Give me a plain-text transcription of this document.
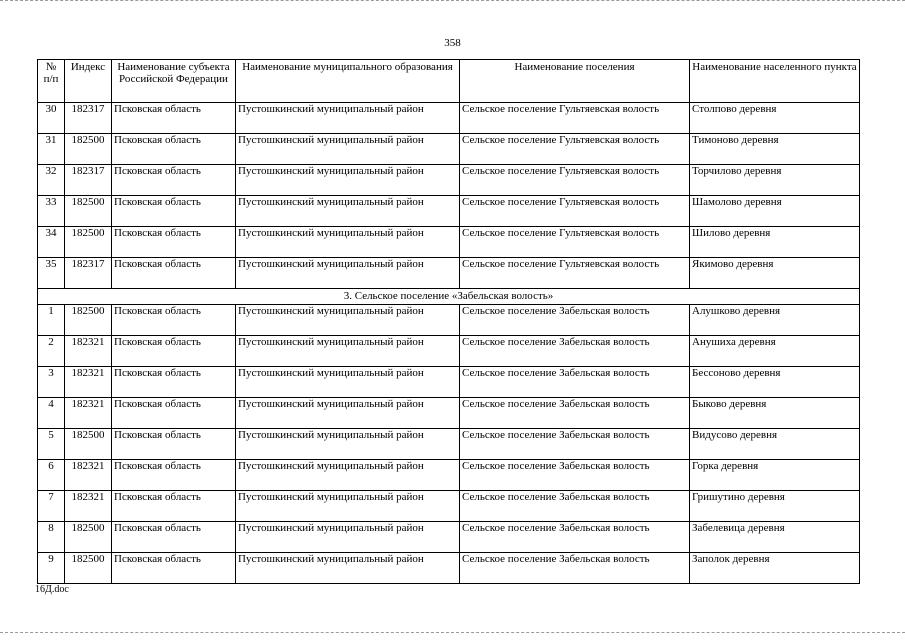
358
№ п/п	Индекс	Наименование субъекта Российской Федерации	Наименование муниципального образования	Наименование поселения	Наименование населенного пункта
30	182317	Псковская область	Пустошкинский муниципальный район	Сельское поселение Гультяевская волость	Столпово деревня
31	182500	Псковская область	Пустошкинский муниципальный район	Сельское поселение Гультяевская волость	Тимоново деревня
32	182317	Псковская область	Пустошкинский муниципальный район	Сельское поселение Гультяевская волость	Торчилово деревня
33	182500	Псковская область	Пустошкинский муниципальный район	Сельское поселение Гультяевская волость	Шамолово деревня
34	182500	Псковская область	Пустошкинский муниципальный район	Сельское поселение Гультяевская волость	Шилово деревня
35	182317	Псковская область	Пустошкинский муниципальный район	Сельское поселение Гультяевская волость	Якимово деревня
3. Сельское поселение «Забельская волость»					
1	182500	Псковская область	Пустошкинский муниципальный район	Сельское поселение Забельская волость	Алушково деревня
2	182321	Псковская область	Пустошкинский муниципальный район	Сельское поселение Забельская волость	Анушиха деревня
3	182321	Псковская область	Пустошкинский муниципальный район	Сельское поселение Забельская волость	Бессоново деревня
4	182321	Псковская область	Пустошкинский муниципальный район	Сельское поселение Забельская волость	Быково деревня
5	182500	Псковская область	Пустошкинский муниципальный район	Сельское поселение Забельская волость	Видусово деревня
6	182321	Псковская область	Пустошкинский муниципальный район	Сельское поселение Забельская волость	Горка деревня
7	182321	Псковская область	Пустошкинский муниципальный район	Сельское поселение Забельская волость	Гришутино деревня
8	182500	Псковская область	Пустошкинский муниципальный район	Сельское поселение Забельская волость	Забелевица деревня
9	182500	Псковская область	Пустошкинский муниципальный район	Сельское поселение Забельская волость	Заполок деревня
16Д.doc
